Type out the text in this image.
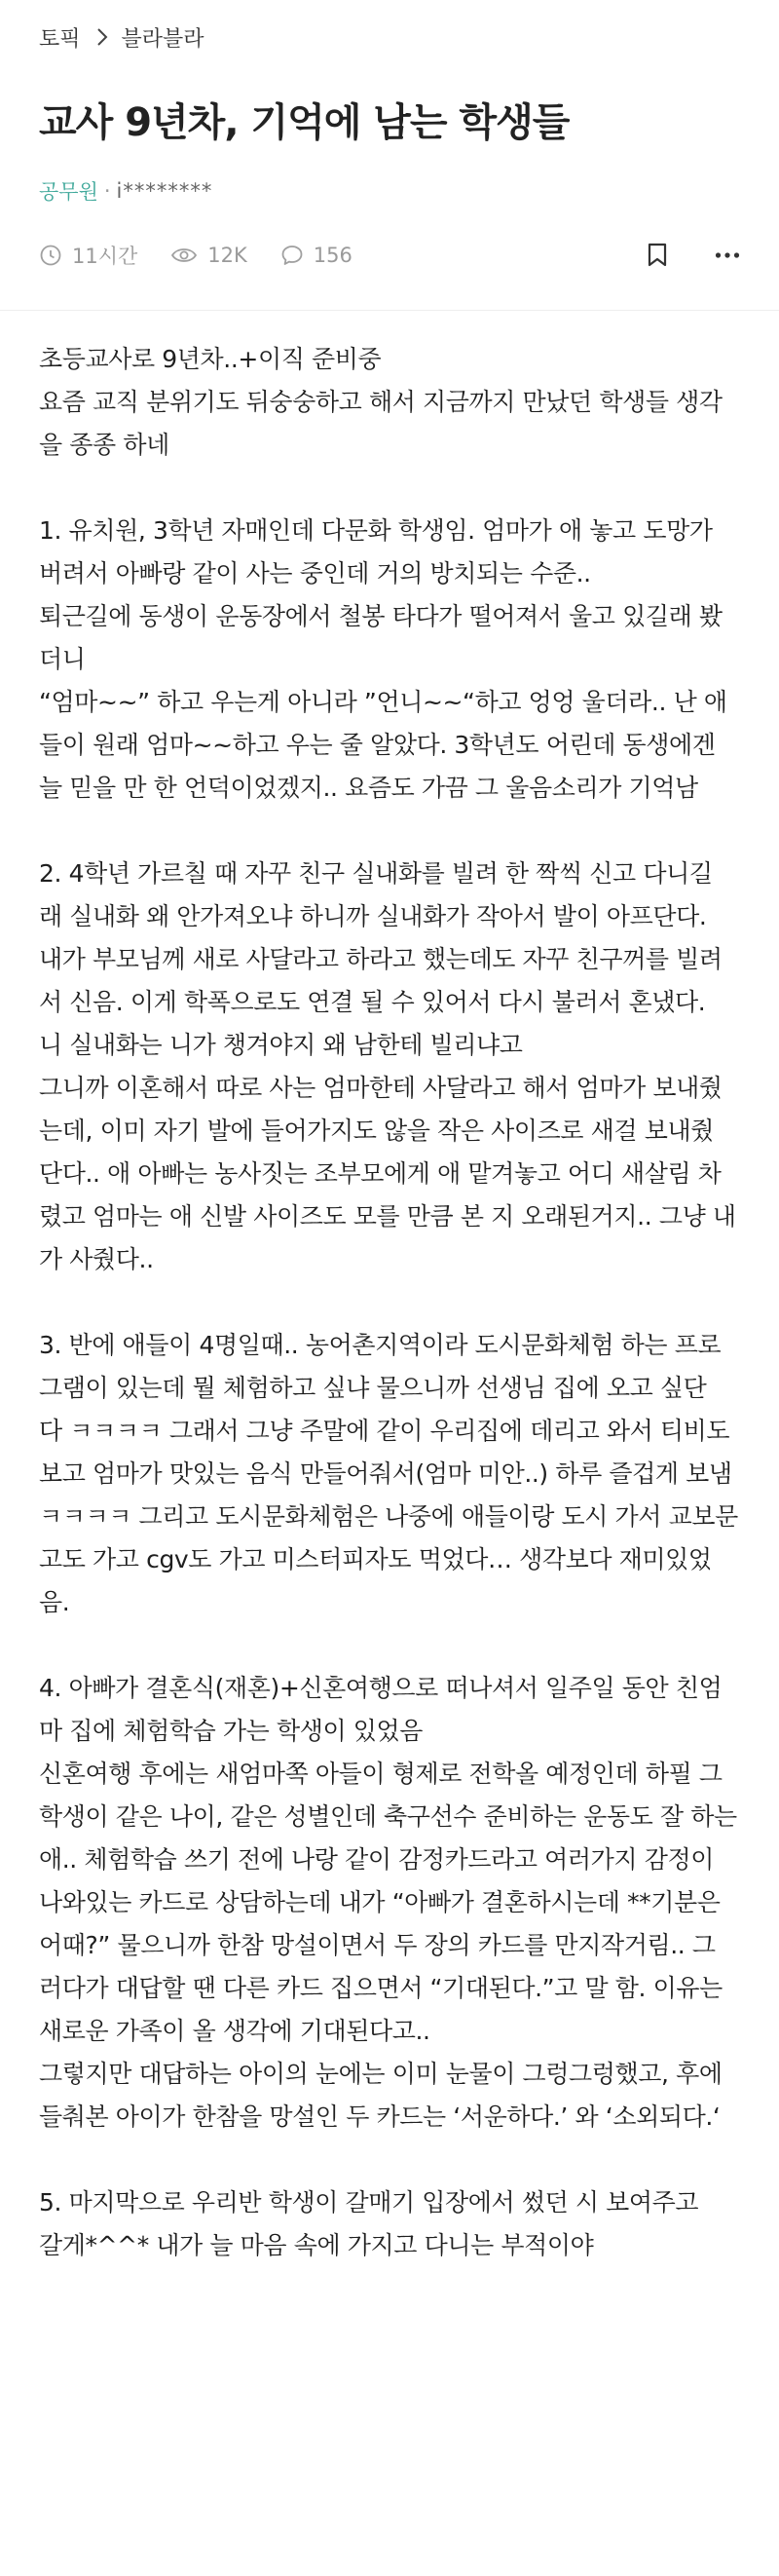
토픽 블라블라
교사 9년차, 기억에 남는 학생들
공무원 · i********
11시간	12K	156
초등교사로 9년차..+이직 준비중
요즘 교직 분위기도 뒤숭숭하고 해서 지금까지 만났던 학생들 생각
을 종종 하네
1. 유치원, 3학년 자매인데 다문화 학생임. 엄마가 애 놓고 도망가
버려서 아빠랑 같이 사는 중인데 거의 방치되는 수준..
퇴근길에 동생이 운동장에서 철봉 타다가 떨어져서 울고 있길래 봤
더니
“엄마~~” 하고 우는게 아니라 ”언니~~“하고 엉엉 울더라.. 난 애
들이 원래 엄마~~하고 우는 줄 알았다. 3학년도 어린데 동생에겐
늘 믿을 만 한 언덕이었겠지.. 요즘도 가끔 그 울음소리가 기억남
2. 4학년 가르칠 때 자꾸 친구 실내화를 빌려 한 짝씩 신고 다니길
래 실내화 왜 안가져오냐 하니까 실내화가 작아서 발이 아프단다.
내가 부모님께 새로 사달라고 하라고 했는데도 자꾸 친구꺼를 빌려
서 신음. 이게 학폭으로도 연결 될 수 있어서 다시 불러서 혼냈다.
니 실내화는 니가 챙겨야지 왜 남한테 빌리냐고
그니까 이혼해서 따로 사는 엄마한테 사달라고 해서 엄마가 보내줬
는데, 이미 자기 발에 들어가지도 않을 작은 사이즈로 새걸 보내줬
단다.. 애 아빠는 농사짓는 조부모에게 애 맡겨놓고 어디 새살림 차
렸고 엄마는 애 신발 사이즈도 모를 만큼 본 지 오래된거지.. 그냥 내
가 사줬다..
3. 반에 애들이 4명일때.. 농어촌지역이라 도시문화체험 하는 프로
그램이 있는데 뭘 체험하고 싶냐 물으니까 선생님 집에 오고 싶단
다 ㅋㅋㅋㅋ 그래서 그냥 주말에 같이 우리집에 데리고 와서 티비도
보고 엄마가 맛있는 음식 만들어줘서(엄마 미안..) 하루 즐겁게 보냄
ㅋㅋㅋㅋ 그리고 도시문화체험은 나중에 애들이랑 도시 가서 교보문
고도 가고 cgv도 가고 미스터피자도 먹었다… 생각보다 재미있었
음.
4. 아빠가 결혼식(재혼)+신혼여행으로 떠나셔서 일주일 동안 친엄
마 집에 체험학습 가는 학생이 있었음
신혼여행 후에는 새엄마쪽 아들이 형제로 전학올 예정인데 하필 그
학생이 같은 나이, 같은 성별인데 축구선수 준비하는 운동도 잘 하는
애.. 체험학습 쓰기 전에 나랑 같이 감정카드라고 여러가지 감정이
나와있는 카드로 상담하는데 내가 “아빠가 결혼하시는데 **기분은
어때?” 물으니까 한참 망설이면서 두 장의 카드를 만지작거림.. 그
러다가 대답할 땐 다른 카드 집으면서 “기대된다.”고 말 함. 이유는
새로운 가족이 올 생각에 기대된다고..
그렇지만 대답하는 아이의 눈에는 이미 눈물이 그렁그렁했고, 후에
들춰본 아이가 한참을 망설인 두 카드는 ‘서운하다.’ 와 ‘소외되다.‘
5. 마지막으로 우리반 학생이 갈매기 입장에서 썼던 시 보여주고
갈게*^^* 내가 늘 마음 속에 가지고 다니는 부적이야
